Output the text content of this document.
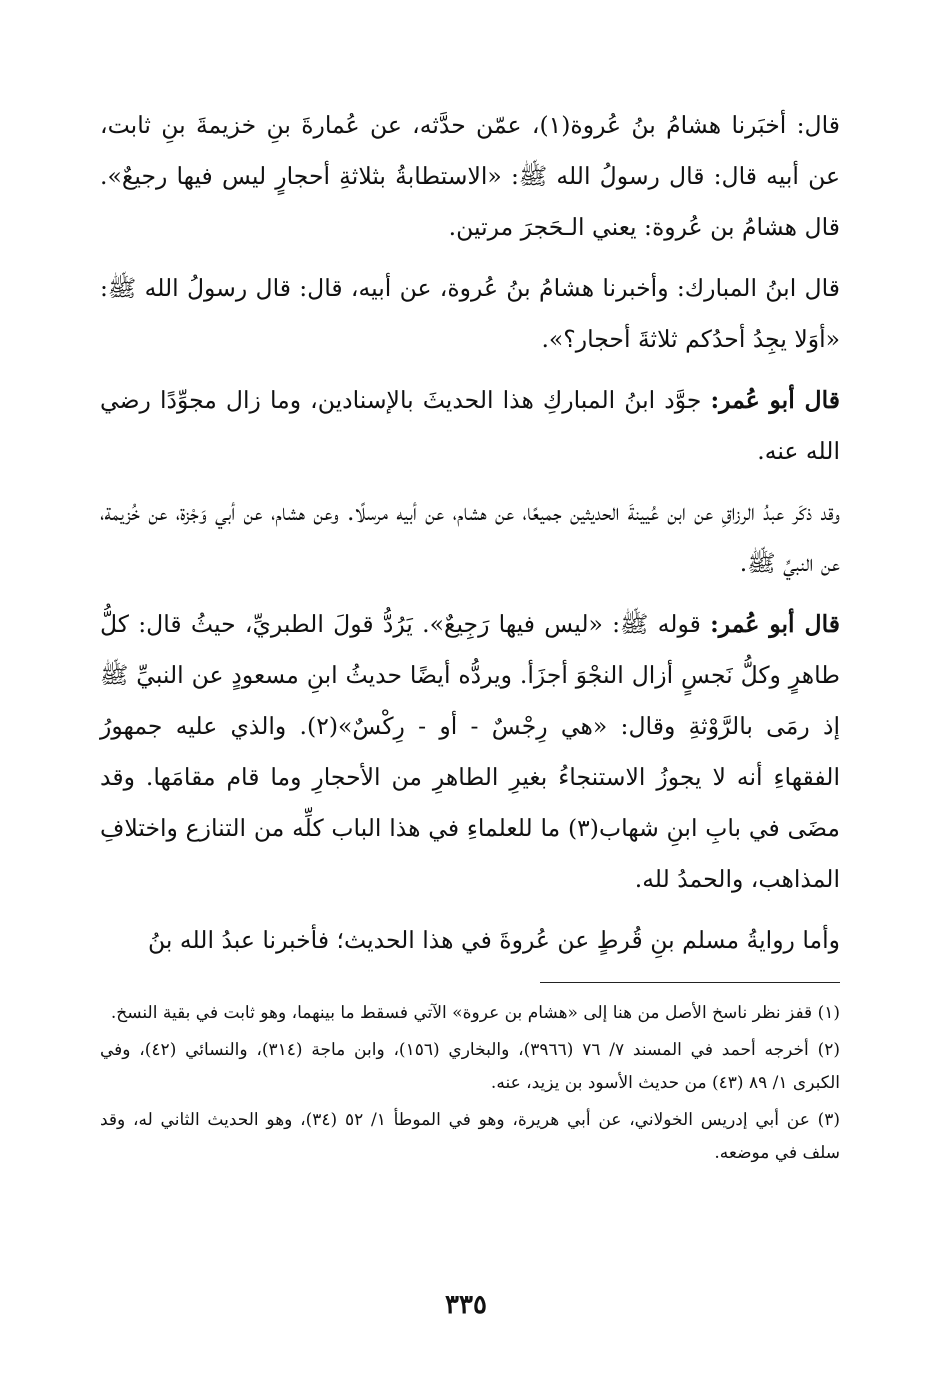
قال: أخبَرنا هشامُ بنُ عُروة(١)، عمّن حدَّثه، عن عُمارةَ بنِ خزيمةَ بنِ ثابت، عن أبيه قال: قال رسولُ الله ﷺ: «الاستطابةُ بثلاثةِ أحجارٍ ليس فيها رجيعٌ». قال هشامُ بن عُروة: يعني الـحَجرَ مرتين.

قال ابنُ المبارك: وأخبرنا هشامُ بنُ عُروة، عن أبيه، قال: قال رسولُ الله ﷺ: «أوَلا يجِدُ أحدُكم ثلاثةَ أحجار؟».

قال أبو عُمر: جوَّد ابنُ المباركِ هذا الحديثَ بالإسنادين، وما زال مجوِّدًا رضي الله عنه.

وقد ذكَر عبدُ الرزاقِ عن ابن عُيينةَ الحديثين جميعًا، عن هشام، عن أبيه مرسلًا. وعن هشام، عن أبي وَجْزة، عن خُزيمة، عن النبيِّ ﷺ.

قال أبو عُمر: قوله ﷺ: «ليس فيها رَجِيعٌ». يَرُدُّ قولَ الطبريِّ، حيثُ قال: كلُّ طاهرٍ وكلُّ نَجسٍ أزال النجْوَ أجزَأ. ويردُّه أيضًا حديثُ ابنِ مسعودٍ عن النبيِّ ﷺ إذ رمَى بالرَّوْثةِ وقال: «هي رِجْسٌ - أو - رِكْسٌ»(٢). والذي عليه جمهورُ الفقهاءِ أنه لا يجوزُ الاستنجاءُ بغيرِ الطاهرِ من الأحجارِ وما قام مقامَها. وقد مضَى في بابِ ابنِ شهاب(٣) ما للعلماءِ في هذا الباب كلِّه من التنازع واختلافِ المذاهب، والحمدُ لله.

وأما روايةُ مسلم بنِ قُرطٍ عن عُروةَ في هذا الحديث؛ فأخبرنا عبدُ الله بنُ

(١) قفز نظر ناسخ الأصل من هنا إلى «هشام بن عروة» الآتي فسقط ما بينهما، وهو ثابت في بقية النسخ.

(٢) أخرجه أحمد في المسند ٧/ ٧٦ (٣٩٦٦)، والبخاري (١٥٦)، وابن ماجة (٣١٤)، والنسائي (٤٢)، وفي الكبرى ١/ ٨٩ (٤٣) من حديث الأسود بن يزيد، عنه.

(٣) عن أبي إدريس الخولاني، عن أبي هريرة، وهو في الموطأ ١/ ٥٢ (٣٤)، وهو الحديث الثاني له، وقد سلف في موضعه.

٣٣٥
